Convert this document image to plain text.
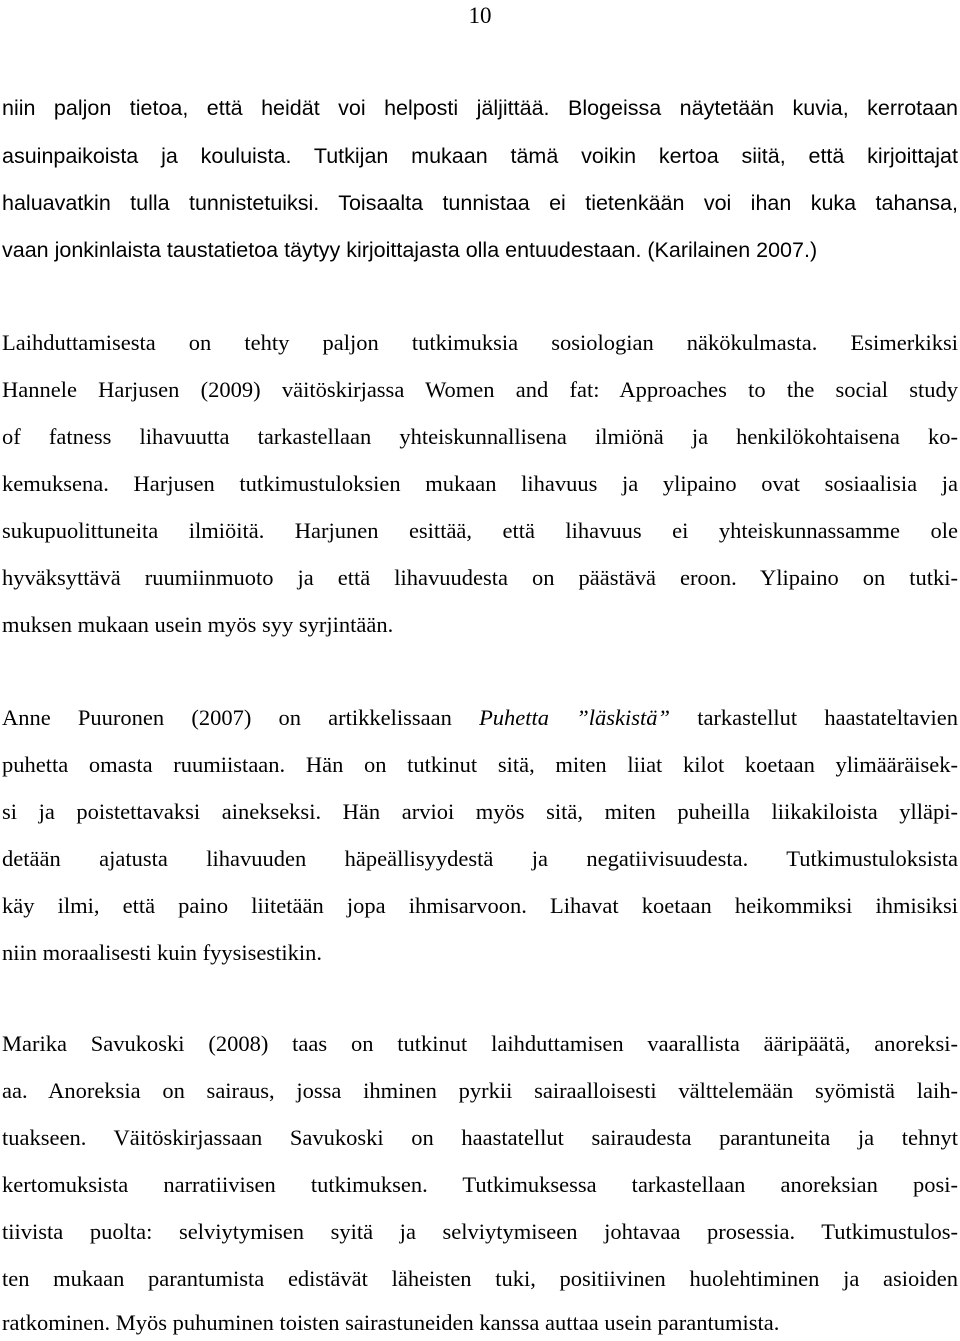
10
niin paljon tietoa, että heidät voi helposti jäljittää. Blogeissa näytetään kuvia, kerrotaan
asuinpaikoista ja kouluista. Tutkijan mukaan tämä voikin kertoa siitä, että kirjoittajat
haluavatkin tulla tunnistetuiksi. Toisaalta tunnistaa ei tietenkään voi ihan kuka tahansa,
vaan jonkinlaista taustatietoa täytyy kirjoittajasta olla entuudestaan. (Karilainen 2007.)
Laihduttamisesta on tehty paljon tutkimuksia sosiologian näkökulmasta. Esimerkiksi
Hannele Harjusen (2009) väitöskirjassa Women and fat: Approaches to the social study
of fatness lihavuutta tarkastellaan yhteiskunnallisena ilmiönä ja henkilökohtaisena ko-
kemuksena. Harjusen tutkimustuloksien mukaan lihavuus ja ylipaino ovat sosiaalisia ja
sukupuolittuneita ilmiöitä. Harjunen esittää, että lihavuus ei yhteiskunnassamme ole
hyväksyttävä ruumiinmuoto ja että lihavuudesta on päästävä eroon. Ylipaino on tutki-
muksen mukaan usein myös syy syrjintään.
Anne Puuronen (2007) on artikkelissaan Puhetta ”läskistä” tarkastellut haastateltavien
puhetta omasta ruumiistaan. Hän on tutkinut sitä, miten liiat kilot koetaan ylimääräisek-
si ja poistettavaksi ainekseksi. Hän arvioi myös sitä, miten puheilla liikakiloista ylläpi-
detään ajatusta lihavuuden häpeällisyydestä ja negatiivisuudesta. Tutkimustuloksista
käy ilmi, että paino liitetään jopa ihmisarvoon. Lihavat koetaan heikommiksi ihmisiksi
niin moraalisesti kuin fyysisestikin.
Marika Savukoski (2008) taas on tutkinut laihduttamisen vaarallista ääripäätä, anoreksi-
aa. Anoreksia on sairaus, jossa ihminen pyrkii sairaalloisesti välttelemään syömistä laih-
tuakseen. Väitöskirjassaan Savukoski on haastatellut sairaudesta parantuneita ja tehnyt
kertomuksista narratiivisen tutkimuksen. Tutkimuksessa tarkastellaan anoreksian posi-
tiivista puolta: selviytymisen syitä ja selviytymiseen johtavaa prosessia. Tutkimustulos-
ten mukaan parantumista edistävät läheisten tuki, positiivinen huolehtiminen ja asioiden
ratkominen. Myös puhuminen toisten sairastuneiden kanssa auttaa usein parantumista.
